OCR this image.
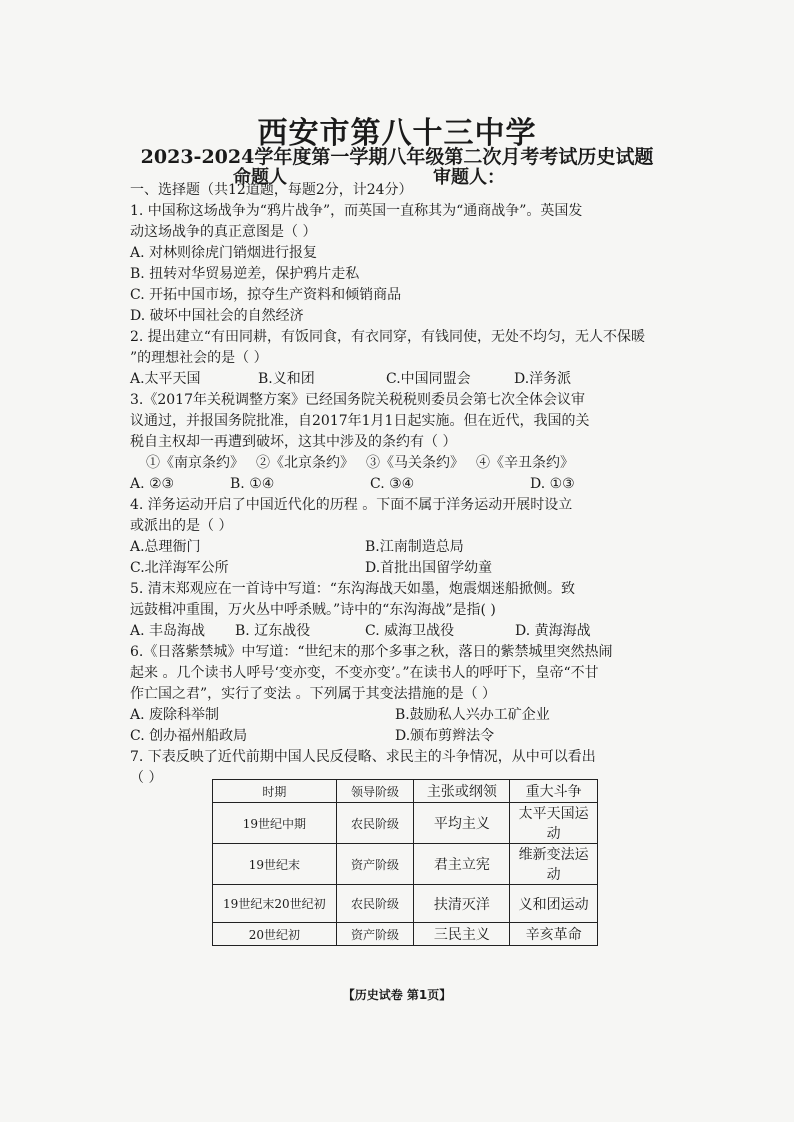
西安市第八十三中学
2023-2024学年度第一学期八年级第二次月考考试历史试题
命题人	审题人：
一、选择题（共12道题，每题2分，计24分）
1. 中国称这场战争为“鸦片战争”，而英国一直称其为“通商战争”。英国发
动这场战争的真正意图是（ ）
A. 对林则徐虎门销烟进行报复
B. 扭转对华贸易逆差，保护鸦片走私
C. 开拓中国市场，掠夺生产资料和倾销商品
D. 破坏中国社会的自然经济
2. 提出建立“有田同耕，有饭同食，有衣同穿，有钱同使，无处不均匀，无人不保暖
”的理想社会的是（ ）
A.太平天国	B.义和团	C.中国同盟会	D.洋务派
3.《2017年关税调整方案》已经国务院关税税则委员会第七次全体会议审
议通过，并报国务院批准，自2017年1月1日起实施。但在近代，我国的关
税自主权却一再遭到破坏，这其中涉及的条约有（ ）
①《南京条约》 ②《北京条约》 ③《马关条约》 ④《辛丑条约》
A. ②③	B. ①④	C. ③④	D. ①③
4. 洋务运动开启了中国近代化的历程 。下面不属于洋务运动开展时设立
或派出的是（ ）
A.总理衙门	B.江南制造总局
C.北洋海军公所	D.首批出国留学幼童
5. 清末郑观应在一首诗中写道：“东沟海战天如墨，炮震烟迷船掀侧。致
远鼓楫冲重围，万火丛中呼杀贼。”诗中的“东沟海战”是指( )
A. 丰岛海战	B. 辽东战役	C. 威海卫战役	D. 黄海海战
6.《日落紫禁城》中写道：“世纪末的那个多事之秋，落日的紫禁城里突然热闹
起来 。几个读书人呼号‘变亦变，不变亦变’。”在读书人的呼吁下，皇帝“不甘
作亡国之君”，实行了变法 。下列属于其变法措施的是（ ）
A. 废除科举制	B.鼓励私人兴办工矿企业
C. 创办福州船政局	D.颁布剪辫法令
7. 下表反映了近代前期中国人民反侵略、求民主的斗争情况，从中可以看出
（ ）
时期	领导阶级	主张或纲领	重大斗争
19世纪中期	农民阶级	平均主义	太平天国运动
19世纪末	资产阶级	君主立宪	维新变法运动
19世纪末20世纪初	农民阶级	扶清灭洋	义和团运动
20世纪初	资产阶级	三民主义	辛亥革命
【历史试卷 第1页】
